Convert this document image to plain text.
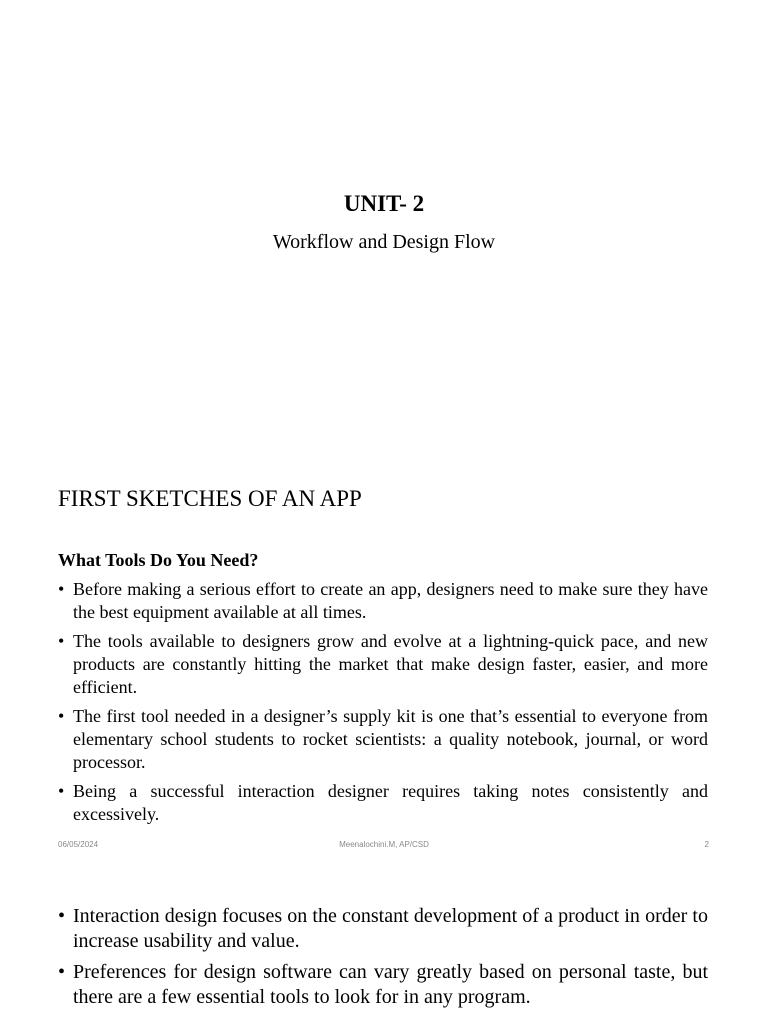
UNIT- 2
Workflow and Design Flow
FIRST SKETCHES OF AN APP
What Tools Do You Need?
• Before making a serious effort to create an app, designers need to make sure they have the best equipment available at all times.
• The tools available to designers grow and evolve at a lightning-quick pace, and new products are constantly hitting the market that make design faster, easier, and more efficient.
• The first tool needed in a designer’s supply kit is one that’s essential to everyone from elementary school students to rocket scientists: a quality notebook, journal, or word processor.
• Being a successful interaction designer requires taking notes consistently and excessively.
06/05/2024	Meenalochini.M, AP/CSD	2
• Interaction design focuses on the constant development of a product in order to increase usability and value.
• Preferences for design software can vary greatly based on personal taste, but there are a few essential tools to look for in any program.
